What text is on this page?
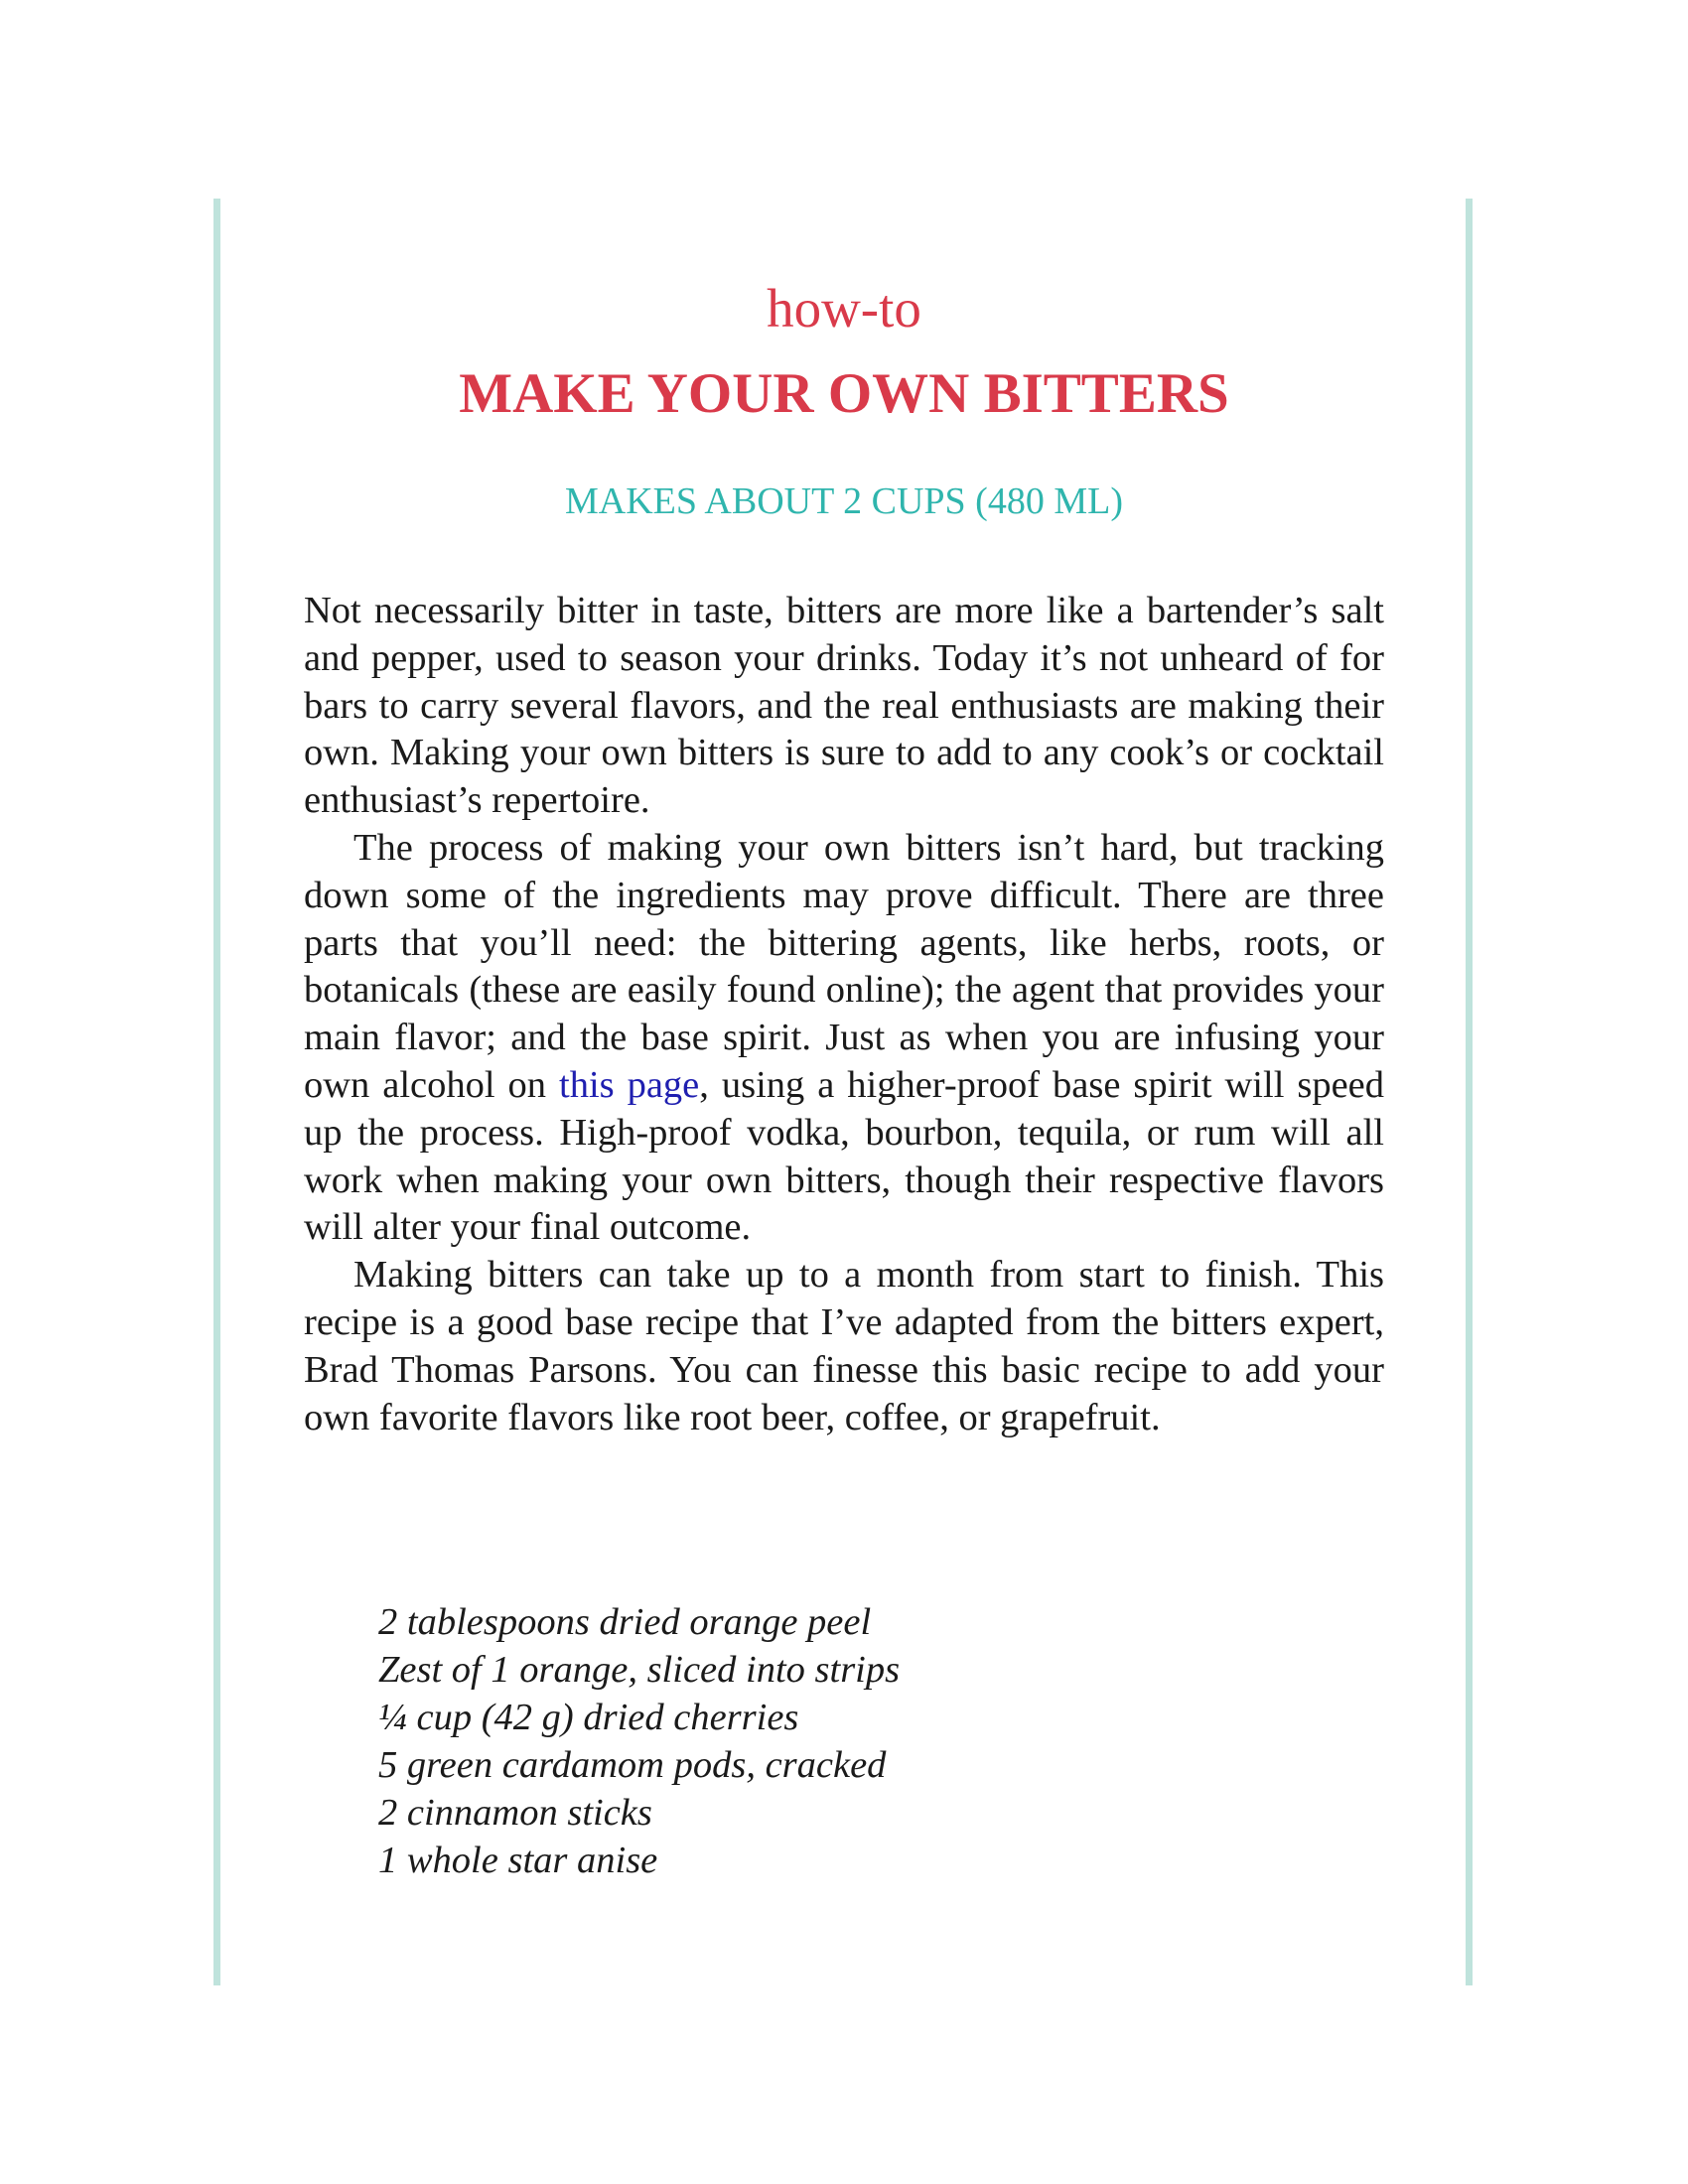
how-to
MAKE YOUR OWN BITTERS
MAKES ABOUT 2 CUPS (480 ML)

Not necessarily bitter in taste, bitters are more like a bartender’s salt and pepper, used to season your drinks. Today it’s not unheard of for bars to carry several flavors, and the real enthusiasts are making their own. Making your own bitters is sure to add to any cook’s or cocktail enthusiast’s repertoire.

The process of making your own bitters isn’t hard, but tracking down some of the ingredients may prove difficult. There are three parts that you’ll need: the bittering agents, like herbs, roots, or botanicals (these are easily found online); the agent that provides your main flavor; and the base spirit. Just as when you are infusing your own alcohol on this page, using a higher-proof base spirit will speed up the process. High-proof vodka, bourbon, tequila, or rum will all work when making your own bitters, though their respective flavors will alter your final outcome.

Making bitters can take up to a month from start to finish. This recipe is a good base recipe that I’ve adapted from the bitters expert, Brad Thomas Parsons. You can finesse this basic recipe to add your own favorite flavors like root beer, coffee, or grapefruit.

2 tablespoons dried orange peel
Zest of 1 orange, sliced into strips
¼ cup (42 g) dried cherries
5 green cardamom pods, cracked
2 cinnamon sticks
1 whole star anise
